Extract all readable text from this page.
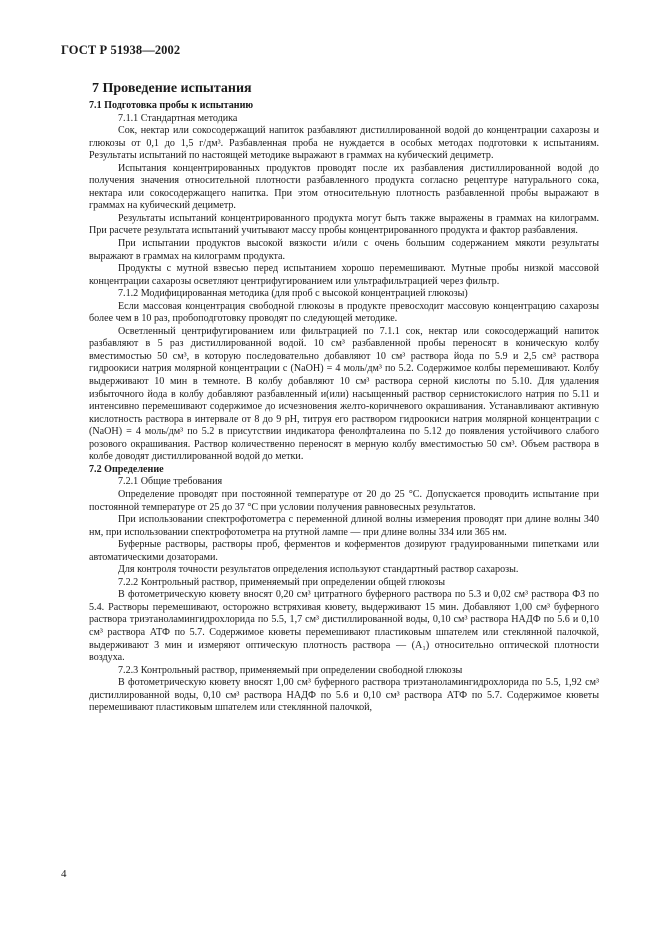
ГОСТ Р 51938—2002
7 Проведение испытания

7.1 Подготовка пробы к испытанию

7.1.1 Стандартная методика

Сок, нектар или сокосодержащий напиток разбавляют дистиллированной водой до концентрации сахарозы и глюкозы от 0,1 до 1,5 г/дм³. Разбавленная проба не нуждается в особых методах подготовки к испытаниям. Результаты испытаний по настоящей методике выражают в граммах на кубический дециметр.

Испытания концентрированных продуктов проводят после их разбавления дистиллированной водой до получения значения относительной плотности разбавленного продукта согласно рецептуре натурального сока, нектара или сокосодержащего напитка. При этом относительную плотность разбавленной пробы выражают в граммах на кубический дециметр.

Результаты испытаний концентрированного продукта могут быть также выражены в граммах на килограмм. При расчете результата испытаний учитывают массу пробы концентрированного продукта и фактор разбавления.

При испытании продуктов высокой вязкости и/или с очень большим содержанием мякоти результаты выражают в граммах на килограмм продукта.

Продукты с мутной взвесью перед испытанием хорошо перемешивают. Мутные пробы низкой массовой концентрации сахарозы осветляют центрифугированием или ультрафильтрацией через фильтр.

7.1.2 Модифицированная методика (для проб с высокой концентрацией глюкозы)

Если массовая концентрация свободной глюкозы в продукте превосходит массовую концентрацию сахарозы более чем в 10 раз, пробоподготовку проводят по следующей методике.

Осветленный центрифугированием или фильтрацией по 7.1.1 сок, нектар или сокосодержащий напиток разбавляют в 5 раз дистиллированной водой. 10 см³ разбавленной пробы переносят в коническую колбу вместимостью 50 см³, в которую последовательно добавляют 10 см³ раствора йода по 5.9 и 2,5 см³ раствора гидроокиси натрия молярной концентрации c (NaOH) = 4 моль/дм³ по 5.2. Содержимое колбы перемешивают. Колбу выдерживают 10 мин в темноте. В колбу добавляют 10 см³ раствора серной кислоты по 5.10. Для удаления избыточного йода в колбу добавляют разбавленный и(или) насыщенный раствор сернистокислого натрия по 5.11 и интенсивно перемешивают содержимое до исчезновения желто-коричневого окрашивания. Устанавливают активную кислотность раствора в интервале от 8 до 9 pH, титруя его раствором гидроокиси натрия молярной концентрации c (NaOH) = 4 моль/дм³ по 5.2 в присутствии индикатора фенолфталеина по 5.12 до появления устойчивого слабого розового окрашивания. Раствор количественно переносят в мерную колбу вместимостью 50 см³. Объем раствора в колбе доводят дистиллированной водой до метки.

7.2 Определение

7.2.1 Общие требования

Определение проводят при постоянной температуре от 20 до 25 °С. Допускается проводить испытание при постоянной температуре от 25 до 37 °С при условии получения равновесных результатов.

При использовании спектрофотометра с переменной длиной волны измерения проводят при длине волны 340 нм, при использовании спектрофотометра на ртутной лампе — при длине волны 334 или 365 нм.

Буферные растворы, растворы проб, ферментов и коферментов дозируют градуированными пипетками или автоматическими дозаторами.

Для контроля точности результатов определения используют стандартный раствор сахарозы.

7.2.2 Контрольный раствор, применяемый при определении общей глюкозы

В фотометрическую кювету вносят 0,20 см³ цитратного буферного раствора по 5.3 и 0,02 см³ раствора ФЗ по 5.4. Растворы перемешивают, осторожно встряхивая кювету, выдерживают 15 мин. Добавляют 1,00 см³ буферного раствора триэтаноламингидрохлорида по 5.5, 1,7 см³ дистиллированной воды, 0,10 см³ раствора НАДФ по 5.6 и 0,10 см³ раствора АТФ по 5.7. Содержимое кюветы перемешивают пластиковым шпателем или стеклянной палочкой, выдерживают 3 мин и измеряют оптическую плотность раствора — (A₁) относительно оптической плотности воздуха.

7.2.3 Контрольный раствор, применяемый при определении свободной глюкозы

В фотометрическую кювету вносят 1,00 см³ буферного раствора триэтаноламингидрохлорида по 5.5, 1,92 см³ дистиллированной воды, 0,10 см³ раствора НАДФ по 5.6 и 0,10 см³ раствора АТФ по 5.7. Содержимое кюветы перемешивают пластиковым шпателем или стеклянной палочкой,

4
